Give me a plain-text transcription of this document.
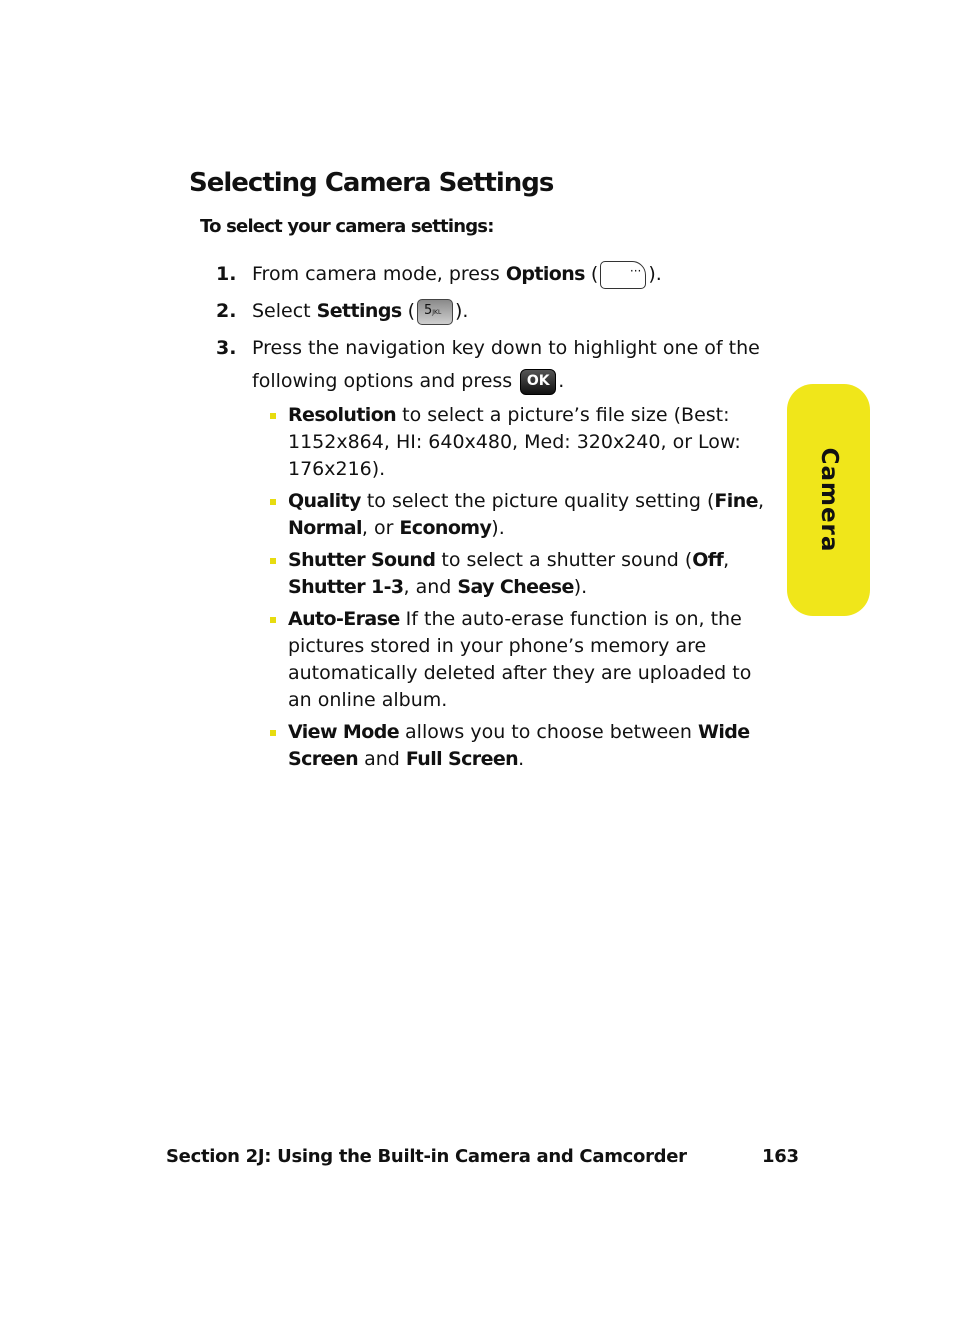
Selecting Camera Settings

To select your camera settings:

1. From camera mode, press Options (	··· ).
2. Select Settings ( 5JKL ).
3. Press the navigation key down to highlight one of the following options and press OK .
Resolution to select a picture’s file size (Best: 1152x864, HI: 640x480, Med: 320x240, or Low: 176x216).
Quality to select the picture quality setting (Fine, Normal, or Economy).
Shutter Sound to select a shutter sound (Off, Shutter 1-3, and Say Cheese).
Auto-Erase If the auto-erase function is on, the pictures stored in your phone’s memory are automatically deleted after they are uploaded to an online album.
View Mode allows you to choose between Wide Screen and Full Screen.
Camera
Section 2J: Using the Built-in Camera and Camcorder	163
